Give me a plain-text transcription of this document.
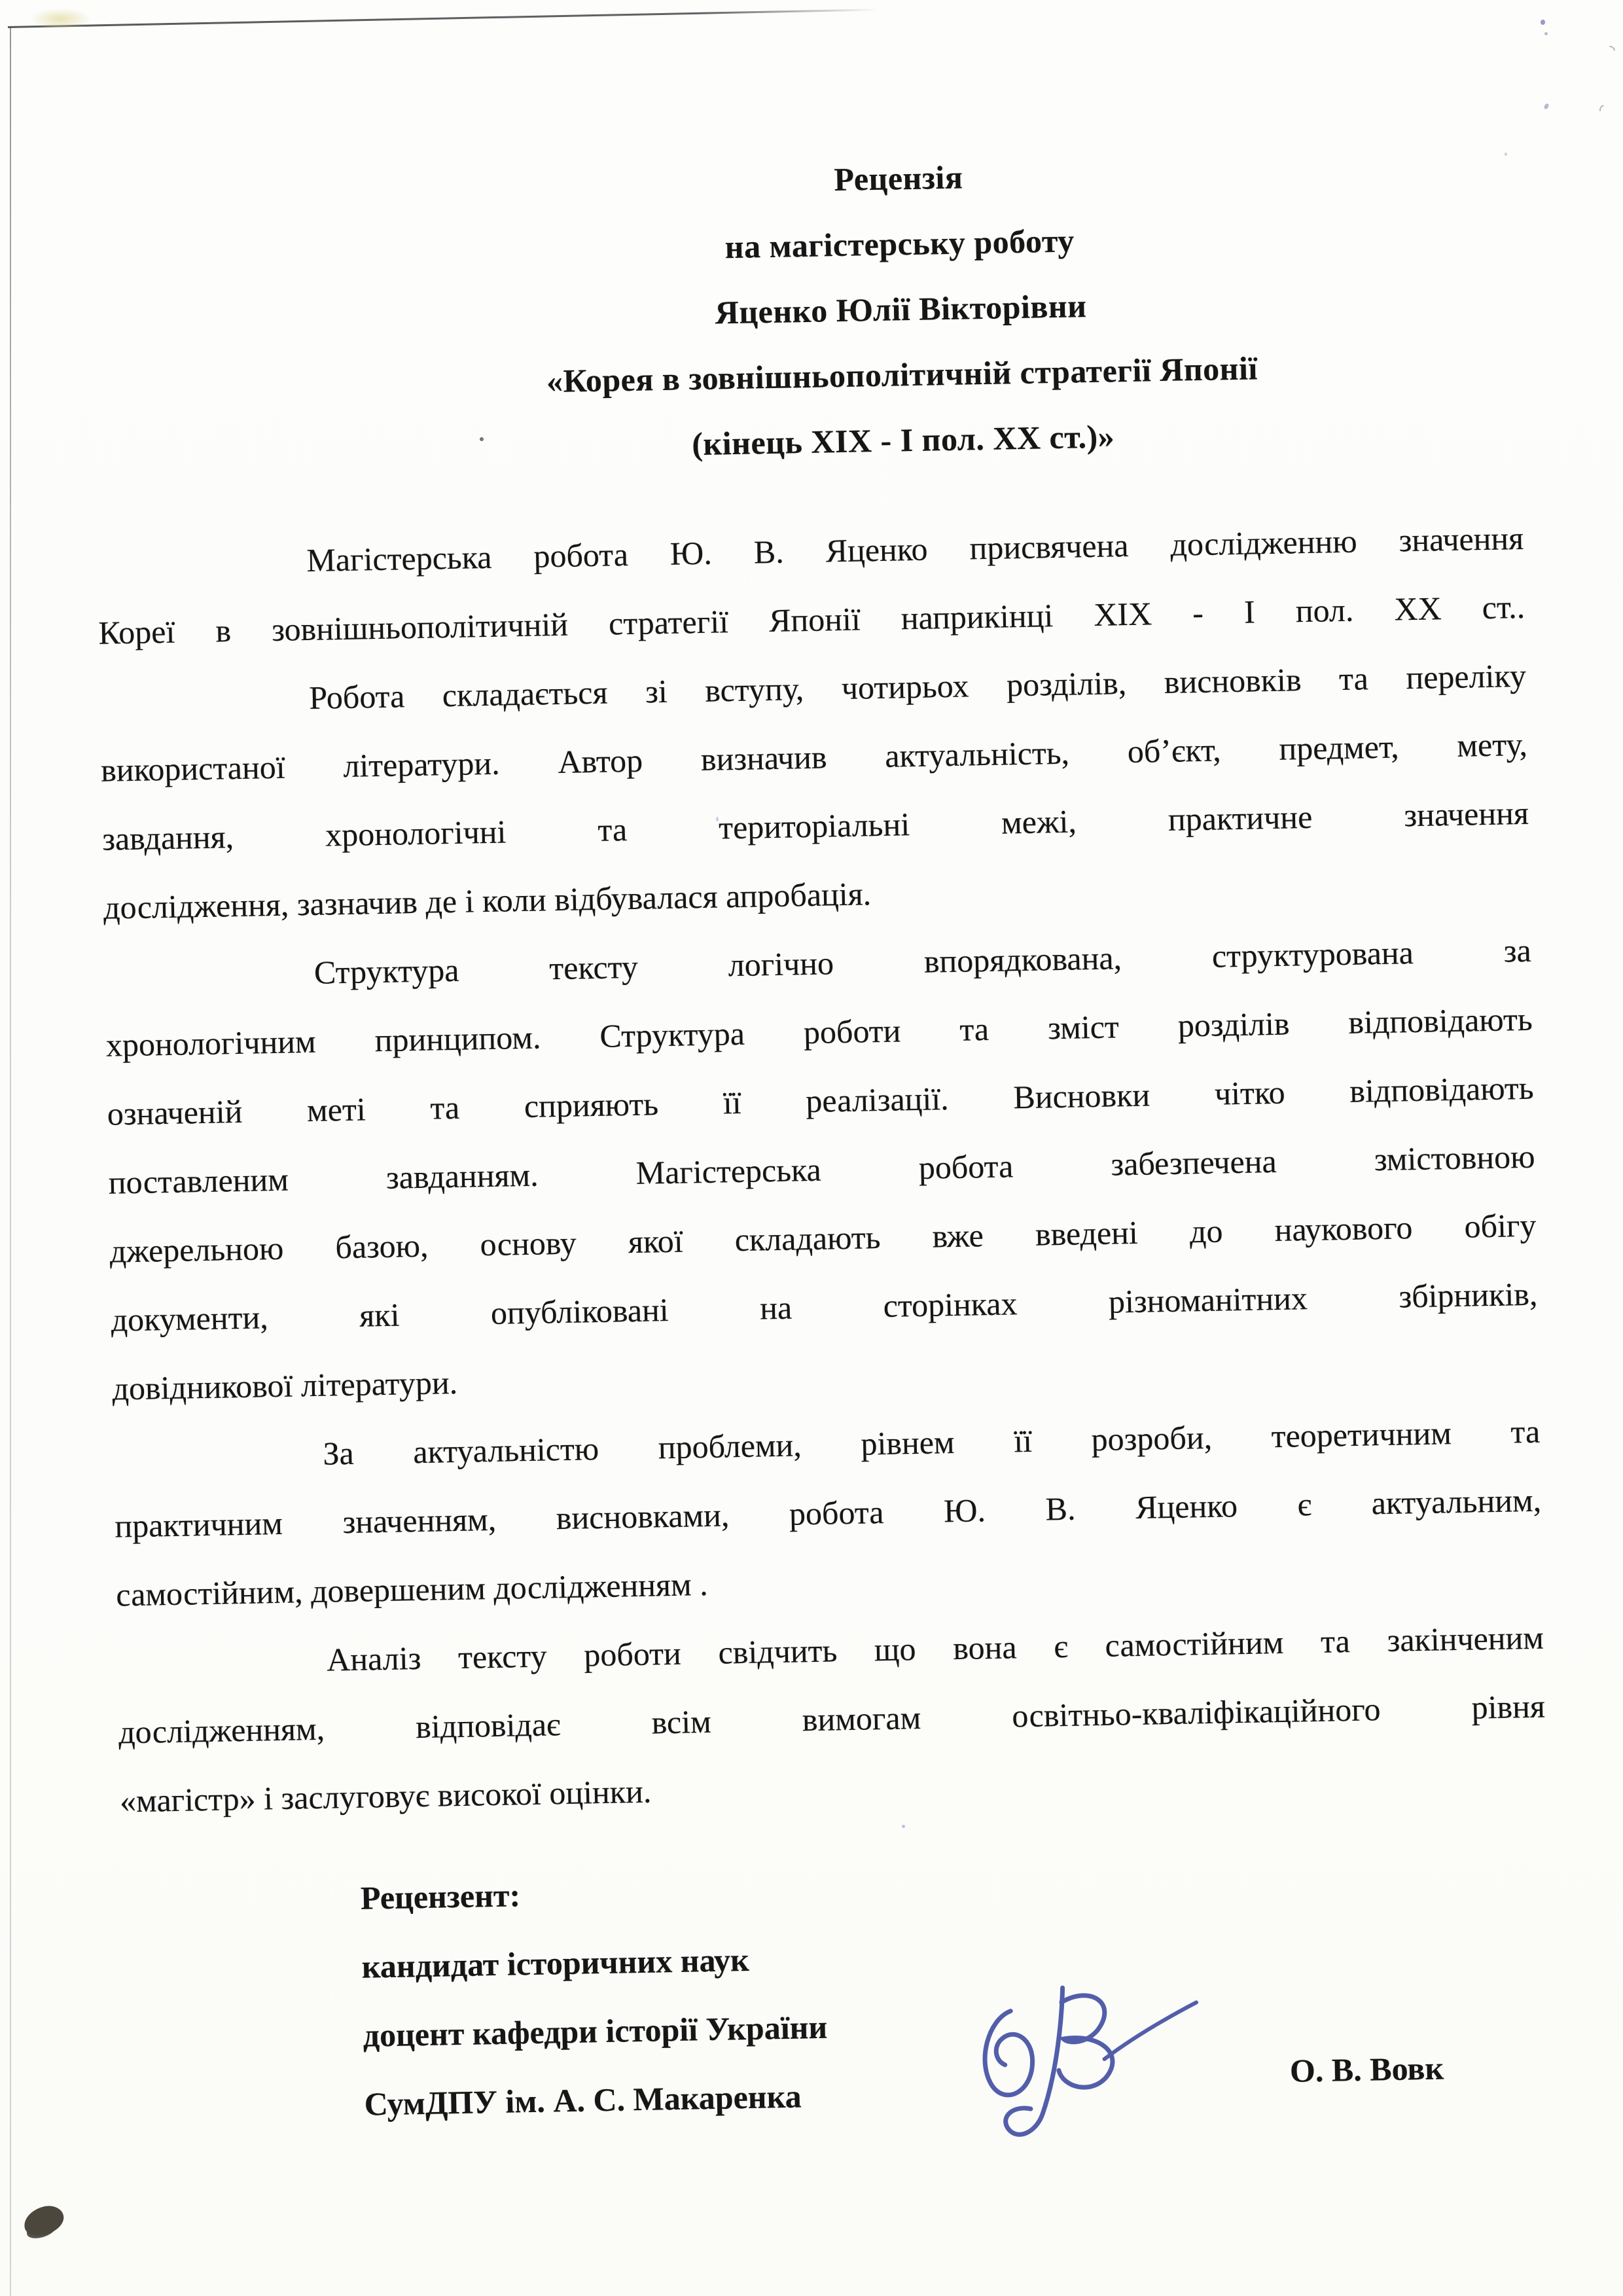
Рецензія
на магістерську роботу
Яценко Юлії Вікторівни
«Корея в зовнішньополітичній стратегії Японії
(кінець XIX - І пол. XX ст.)»
Магістерська робота Ю. В. Яценко присвячена дослідженню значення
Кореї в зовнішньополітичній стратегії Японії наприкінці XIX - І пол. XX ст..
Робота складається зі вступу, чотирьох розділів, висновків та переліку
використаної літератури. Автор визначив актуальність, об’єкт, предмет, мету,
завдання, хронологічні та територіальні межі, практичне значення
дослідження, зазначив де і коли відбувалася апробація.
Структура тексту логічно впорядкована, структурована за
хронологічним принципом. Структура роботи та зміст розділів відповідають
означеній меті та сприяють її реалізації. Висновки чітко відповідають
поставленим завданням. Магістерська робота забезпечена змістовною
джерельною базою, основу якої складають вже введені до наукового обігу
документи, які опубліковані на сторінках різноманітних збірників,
довідникової літератури.
За актуальністю проблеми, рівнем її розроби, теоретичним та
практичним значенням, висновками, робота Ю. В. Яценко є актуальним,
самостійним, довершеним дослідженням .
Аналіз тексту роботи свідчить що вона є самостійним та закінченим
дослідженням, відповідає всім вимогам освітньо-кваліфікаційного рівня
«магістр» і заслуговує високої оцінки.
Рецензент:
кандидат історичних наук
доцент кафедри історії України
СумДПУ ім. А. С. Макаренка
О. В. Вовк
